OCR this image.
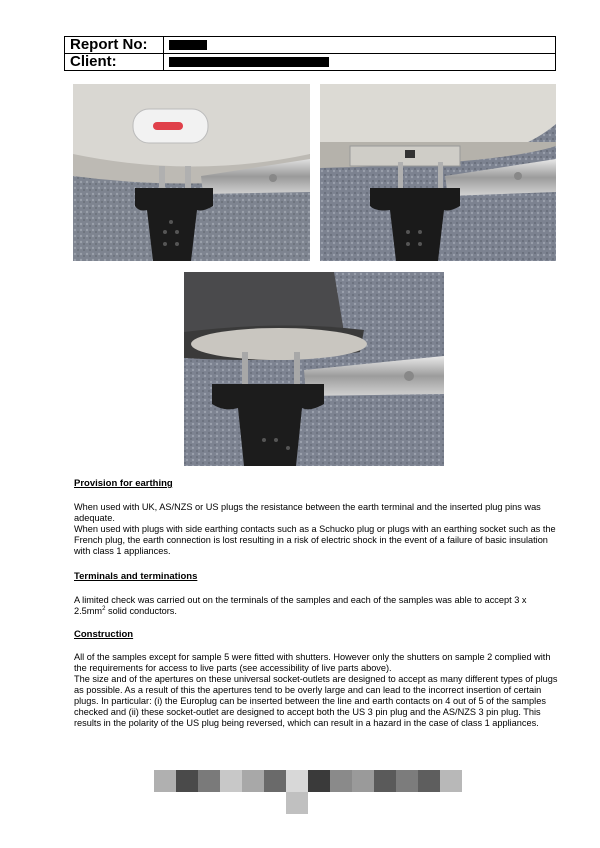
Report No:	
Client:	
Provision for earthing

When used with UK, AS/NZS or US plugs the resistance between the earth terminal and the inserted plug pins was adequate.

When used with plugs with side earthing contacts such as a Schucko plug or plugs with an earthing socket such as the French plug, the earth connection is lost resulting in a risk of electric shock in the event of a failure of basic insulation with class 1 appliances.

Terminals and terminations

A limited check was carried out on the terminals of the samples and each of the samples was able to accept 3 x $2.5mm^2$ solid conductors.

Construction

All of the samples except for sample 5 were fitted with shutters. However only the shutters on sample 2 complied with the requirements for access to live parts (see accessibility of live parts above).

The size and of the apertures on these universal socket-outlets are designed to accept as many different types of plugs as possible. As a result of this the apertures tend to be overly large and can lead to the incorrect insertion of certain plugs. In particular: (i) the Europlug can be inserted between the line and earth contacts on 4 out of 5 of the samples checked and (ii) these socket-outlet are designed to accept both the US 3 pin plug and the AS/NZS 3 pin plug. This results in the polarity of the US plug being reversed, which can result in a hazard in the case of class 1 appliances.
